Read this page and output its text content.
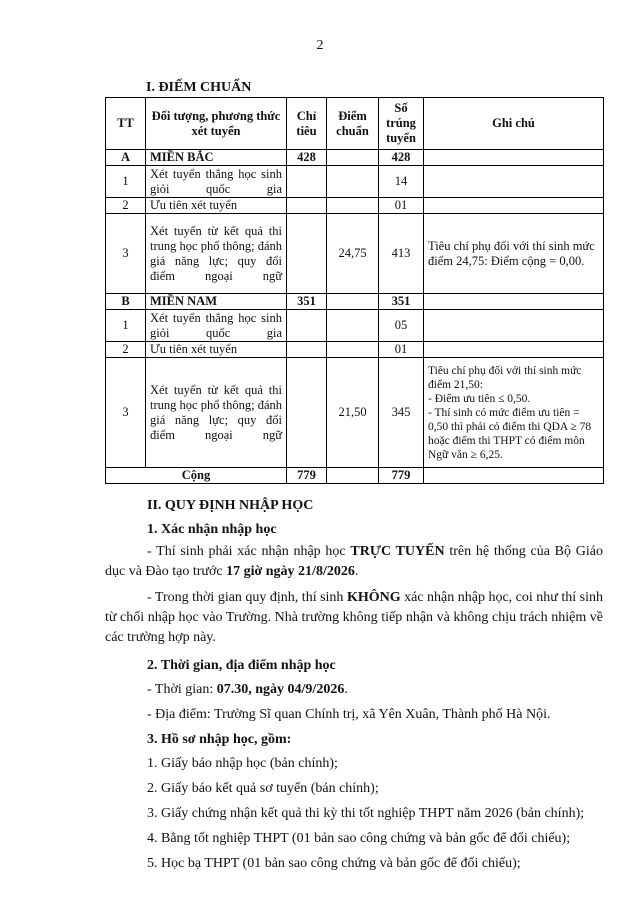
2
I. ĐIỂM CHUẨN
TT	Đối tượng, phương thức xét tuyển	Chỉ tiêu	Điểm chuẩn	Số trúng tuyển	Ghi chú
A	MIỀN BẮC	428		428	
1	Xét tuyển thẳng học sinh giỏi quốc gia			14	
2	Ưu tiên xét tuyển			01	
3	Xét tuyển từ kết quả thi trung học phổ thông; đánh giá năng lực; quy đổi điểm ngoại ngữ		24,75	413	Tiêu chí phụ đối với thí sinh mức điểm 24,75: Điểm cộng = 0,00.

B	MIỀN NAM	351		351	
1	Xét tuyển thẳng học sinh giỏi quốc gia			05	
2	Ưu tiên xét tuyển			01	
3	Xét tuyển từ kết quả thi trung học phổ thông; đánh giá năng lực; quy đổi điểm ngoại ngữ		21,50	345	Tiêu chí phụ đối với thí sinh mức điểm 21,50:
- Điểm ưu tiên ≤ 0,50.
- Thí sinh có mức điểm ưu tiên = 0,50 thì phải có điểm thi QDA ≥ 78 hoặc điểm thi THPT có điểm môn Ngữ văn ≥ 6,25.

Cộng		779		779	

II. QUY ĐỊNH NHẬP HỌC

1. Xác nhận nhập học

- Thí sinh phải xác nhận nhập học TRỰC TUYẾN trên hệ thống của Bộ Giáo dục và Đào tạo trước 17 giờ ngày 21/8/2026.

- Trong thời gian quy định, thí sinh KHÔNG xác nhận nhập học, coi như thí sinh từ chối nhập học vào Trường. Nhà trường không tiếp nhận và không chịu trách nhiệm về các trường hợp này.

2. Thời gian, địa điểm nhập học

- Thời gian: 07.30, ngày 04/9/2026.

- Địa điểm: Trường Sĩ quan Chính trị, xã Yên Xuân, Thành phố Hà Nội.

3. Hồ sơ nhập học, gồm:

1. Giấy báo nhập học (bản chính);

2. Giấy báo kết quả sơ tuyển (bản chính);

3. Giấy chứng nhận kết quả thi kỳ thi tốt nghiệp THPT năm 2026 (bản chính);

4. Bằng tốt nghiệp THPT (01 bản sao công chứng và bản gốc để đối chiếu);

5. Học bạ THPT (01 bản sao công chứng và bản gốc để đối chiếu);
